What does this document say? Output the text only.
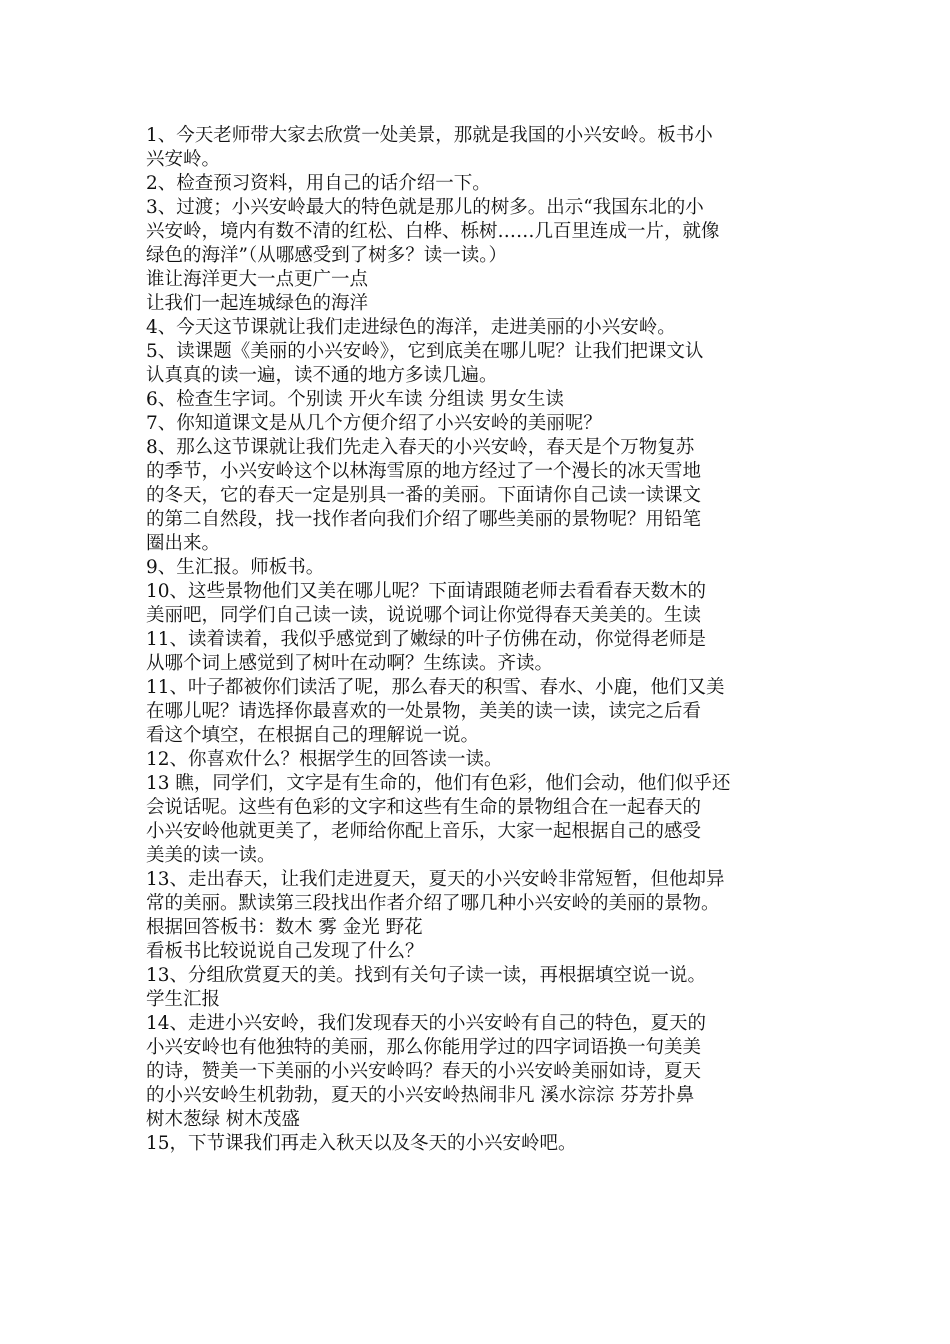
1、今天老师带大家去欣赏一处美景，那就是我国的小兴安岭。板书小
兴安岭。
2、检查预习资料，用自己的话介绍一下。
3、过渡；小兴安岭最大的特色就是那儿的树多。出示“我国东北的小
兴安岭，境内有数不清的红松、白桦、栎树……几百里连成一片，就像
绿色的海洋”（从哪感受到了树多？读一读。）
谁让海洋更大一点更广一点
让我们一起连城绿色的海洋
4、今天这节课就让我们走进绿色的海洋，走进美丽的小兴安岭。
5、读课题《美丽的小兴安岭》，它到底美在哪儿呢？让我们把课文认
认真真的读一遍，读不通的地方多读几遍。
6、检查生字词。个别读 开火车读 分组读 男女生读
7、你知道课文是从几个方便介绍了小兴安岭的美丽呢？
8、那么这节课就让我们先走入春天的小兴安岭，春天是个万物复苏
的季节，小兴安岭这个以林海雪原的地方经过了一个漫长的冰天雪地
的冬天，它的春天一定是别具一番的美丽。下面请你自己读一读课文
的第二自然段，找一找作者向我们介绍了哪些美丽的景物呢？用铅笔
圈出来。
9、生汇报。师板书。
10、这些景物他们又美在哪儿呢？下面请跟随老师去看看春天数木的
美丽吧，同学们自己读一读，说说哪个词让你觉得春天美美的。生读
11、读着读着，我似乎感觉到了嫩绿的叶子仿佛在动，你觉得老师是
从哪个词上感觉到了树叶在动啊？生练读。齐读。
11、叶子都被你们读活了呢，那么春天的积雪、春水、小鹿，他们又美
在哪儿呢？请选择你最喜欢的一处景物，美美的读一读，读完之后看
看这个填空，在根据自己的理解说一说。
12、你喜欢什么？根据学生的回答读一读。
13 瞧，同学们，文字是有生命的，他们有色彩，他们会动，他们似乎还
会说话呢。这些有色彩的文字和这些有生命的景物组合在一起春天的
小兴安岭他就更美了，老师给你配上音乐，大家一起根据自己的感受
美美的读一读。
13、走出春天，让我们走进夏天，夏天的小兴安岭非常短暂，但他却异
常的美丽。默读第三段找出作者介绍了哪几种小兴安岭的美丽的景物。
根据回答板书：数木 雾 金光 野花
看板书比较说说自己发现了什么？
13、分组欣赏夏天的美。找到有关句子读一读，再根据填空说一说。
学生汇报
14、走进小兴安岭，我们发现春天的小兴安岭有自己的特色，夏天的
小兴安岭也有他独特的美丽，那么你能用学过的四字词语换一句美美
的诗，赞美一下美丽的小兴安岭吗？春天的小兴安岭美丽如诗，夏天
的小兴安岭生机勃勃，夏天的小兴安岭热闹非凡 溪水淙淙 芬芳扑鼻
树木葱绿 树木茂盛
15，下节课我们再走入秋天以及冬天的小兴安岭吧。
